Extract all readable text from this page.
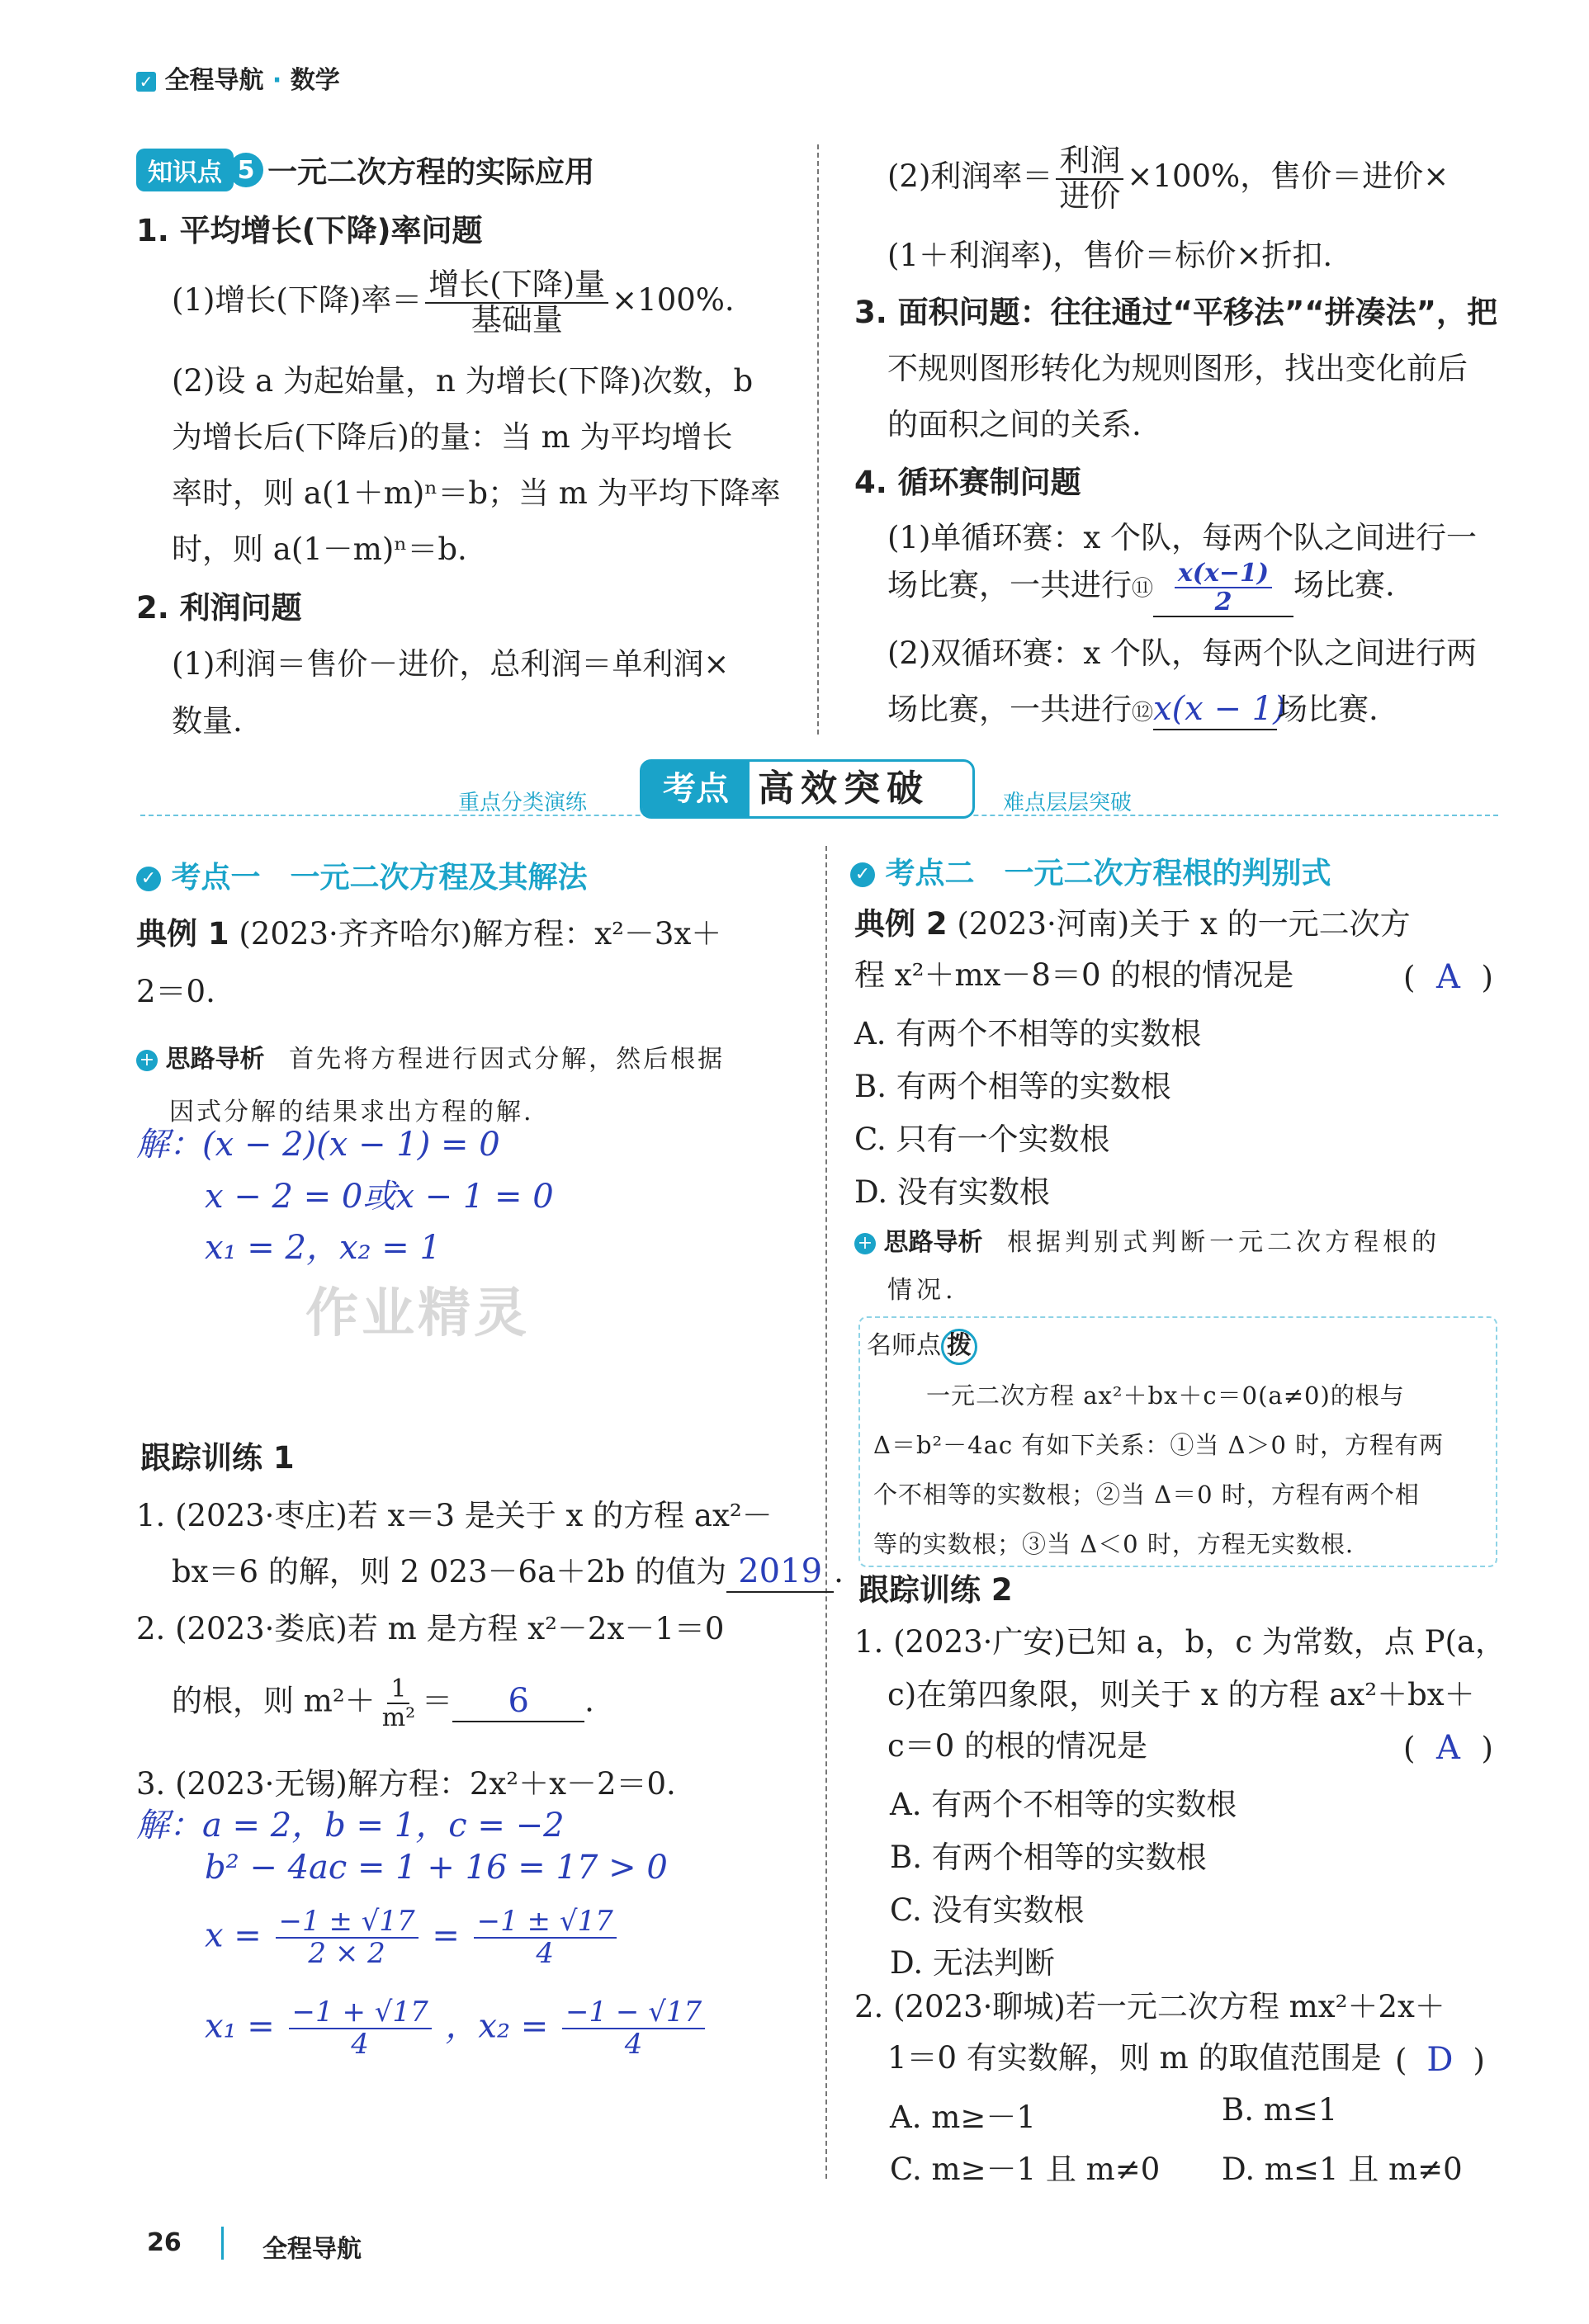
✓ 全程导航 · 数学
知识点 5 一元二次方程的实际应用
1. 平均增长(下降)率问题
(1)增长(下降)率＝ $\frac{\text{增长(下降)量}}{\text{基础量}} \times 100\%$.
(2)设 a 为起始量，n 为增长(下降)次数，b
为增长后(下降后)的量：当 m 为平均增长
率时，则 a(1＋m)ⁿ＝b；当 m 为平均下降率
时，则 a(1－m)ⁿ＝b.
2. 利润问题
(1)利润＝售价－进价，总利润＝单利润×
数量.
(2)利润率＝ $\frac{\text{利润}}{\text{进价}} \times 100\%$，售价＝进价×
(1＋利润率)，售价＝标价×折扣.
3. 面积问题：往往通过“平移法”“拼凑法”，把
不规则图形转化为规则图形，找出变化前后
的面积之间的关系.
4. 循环赛制问题
(1)单循环赛：x 个队，每两个队之间进行一
场比赛，一共进行⑪ $\frac{x(x-1)}{2}$ 场比赛.
(2)双循环赛：x 个队，每两个队之间进行两
场比赛，一共进行⑫x(x − 1)场比赛.
重点分类演练	难点层层突破
考点 高效突破
✓ 考点一　一元二次方程及其解法
典例 1 (2023·齐齐哈尔)解方程：x²－3x＋
2＝0.
+ 思路导析 首先将方程进行因式分解，然后根据
因式分解的结果求出方程的解.
解：(x − 2)(x − 1) = 0
x − 2 = 0或x − 1 = 0
x₁ = 2，x₂ = 1
作业精灵
跟踪训练 1
1. (2023·枣庄)若 x＝3 是关于 x 的方程 ax²－
bx＝6 的解，则 2 023－6a＋2b 的值为 2019 .
2. (2023·娄底)若 m 是方程 x²－2x－1＝0
的根，则 $m^2+ \frac{1}{\text{m²}} = 6$ .
3. (2023·无锡)解方程：2x²＋x－2＝0.
解：a = 2，b = 1，c = −2
b² − 4ac = 1 + 16 = 17 > 0
$x = \frac{-1 \pm √17}{2 \times 2} = \frac{-1 \pm √17}{4}$
$x_1 = \frac{-1 + √17}{4}$ ，$x_2 = \frac{-1 - √17}{4}$
✓ 考点二　一元二次方程根的判别式
典例 2 (2023·河南)关于 x 的一元二次方
程 x²＋mx－8＝0 的根的情况是	( A )
A. 有两个不相等的实数根
B. 有两个相等的实数根
C. 只有一个实数根
D. 没有实数根
+ 思路导析 根据判别式判断一元二次方程根的
情况.
名师点 拨
一元二次方程 ax²＋bx＋c＝0(a≠0)的根与
Δ＝b²－4ac 有如下关系：①当 Δ＞0 时，方程有两
个不相等的实数根；②当 Δ＝0 时，方程有两个相
等的实数根；③当 Δ＜0 时，方程无实数根.
跟踪训练 2
1. (2023·广安)已知 a，b，c 为常数，点 P(a，
c)在第四象限，则关于 x 的方程 ax²＋bx＋
c＝0 的根的情况是	( A )
A. 有两个不相等的实数根
B. 有两个相等的实数根
C. 没有实数根
D. 无法判断
2. (2023·聊城)若一元二次方程 mx²＋2x＋
1＝0 有实数解，则 m 的取值范围是 ( D )
A. m≥－1	B. m≤1
C. m≥－1 且 m≠0 D. m≤1 且 m≠0
26	全程导航
